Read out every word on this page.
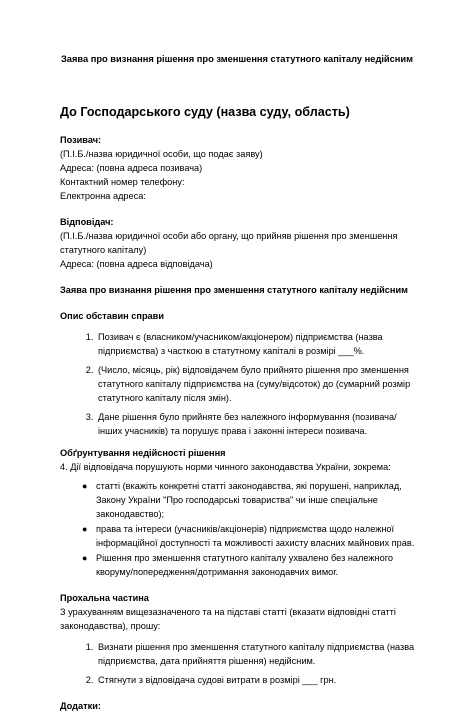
Заява про визнання рішення про зменшення статутного капіталу недійсним
До Господарського суду (назва суду, область)
Позивач:
(П.І.Б./назва юридичної особи, що подає заяву)
Адреса: (повна адреса позивача)
Контактний номер телефону:
Електронна адреса:
Відповідач:
(П.І.Б./назва юридичної особи або органу, що прийняв рішення про зменшення статутного капіталу)
Адреса: (повна адреса відповідача)
Заява про визнання рішення про зменшення статутного капіталу недійсним
Опис обставин справи
1. Позивач є (власником/учасником/акціонером) підприємства (назва підприємства) з часткою в статутному капіталі в розмірі ___%.
2. (Число, місяць, рік) відповідачем було прийнято рішення про зменшення статутного капіталу підприємства на (суму/відсоток) до (сумарний розмір статутного капіталу після змін).
3. Дане рішення було прийняте без належного інформування (позивача/інших учасників) та порушує права і законні інтереси позивача.
Обґрунтування недійсності рішення
4. Дії відповідача порушують норми чинного законодавства України, зокрема:
● статті (вкажіть конкретні статті законодавства, які порушені, наприклад, Закону України "Про господарські товариства" чи інше спеціальне законодавство);
● права та інтереси (учасників/акціонерів) підприємства щодо належної інформаційної доступності та можливості захисту власних майнових прав.
● Рішення про зменшення статутного капіталу ухвалено без належного кворуму/попередження/дотримання законодавчих вимог.
Прохальна частина
З урахуванням вищезазначеного та на підставі статті (вказати відповідні статті законодавства), прошу:
1. Визнати рішення про зменшення статутного капіталу підприємства (назва підприємства, дата прийняття рішення) недійсним.
2. Стягнути з відповідача судові витрати в розмірі ___ грн.
Додатки:
